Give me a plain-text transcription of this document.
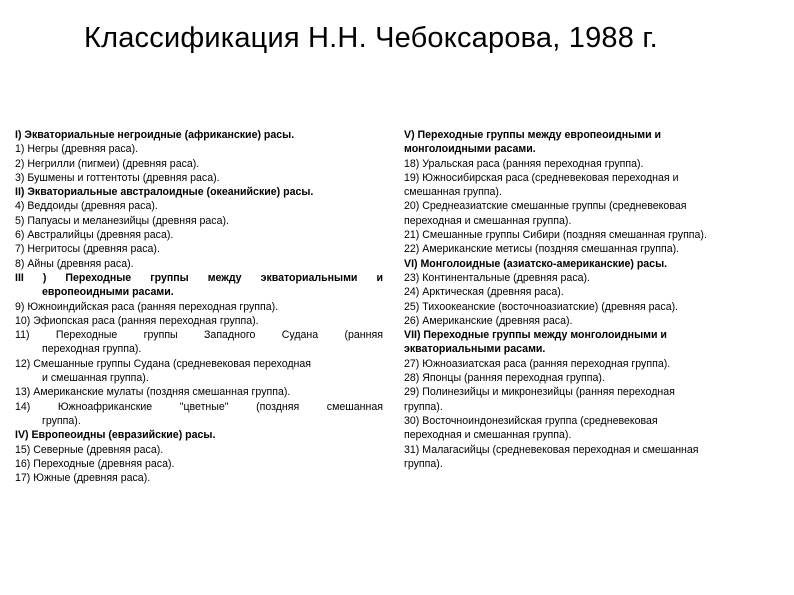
Классификация Н.Н. Чебоксарова, 1988 г.

I) Экваториальные негроидные (африканские) расы.

1) Негры (древняя раса).

2) Негрилли (пигмеи) (древняя раса).

3) Бушмены и готтентоты (древняя раса).

II) Экваториальные австралоидные (океанийские) расы.

4) Веддоиды (древняя раса).

5) Папуасы и меланезийцы (древняя раса).

6) Австралийцы (древняя раса).

7) Негритосы (древняя раса).

8) Айны (древняя раса).

III ) Переходные группы между экваториальными и

европеоидными расами.

9) Южноиндийская раса (ранняя переходная группа).

10) Эфиопская раса (ранняя переходная группа).

11) Переходные группы Западного Судана (ранняя

переходная группа).

12) Смешанные группы Судана (средневековая переходная

и смешанная группа).

13) Американские мулаты (поздняя смешанная группа).

14) Южноафриканские "цветные" (поздняя смешанная

группа).

IV) Европеоидны (евразийские) расы.

15) Северные (древняя раса).

16) Переходные (древняя раса).

17) Южные (древняя раса).

V) Переходные группы между европеоидными и

монголоидными расами.

18) Уральская раса (ранняя переходная группа).

19) Южносибирская раса (средневековая переходная и

смешанная группа).

20) Среднеазиатские смешанные группы (средневековая

переходная и смешанная группа).

21) Смешанные группы Сибири (поздняя смешанная группа).

22) Американские метисы (поздняя смешанная группа).

VI) Монголоидные (азиатско-американские) расы.

23) Континентальные (древняя раса).

24) Арктическая (древняя раса).

25) Тихоокеанские (восточноазиатские) (древняя раса).

26) Американские (древняя раса).

VII) Переходные группы между монголоидными и

экваториальными расами.

27) Южноазиатская раса (ранняя переходная группа).

28) Японцы (ранняя переходная группа).

29) Полинезийцы и микронезийцы (ранняя переходная

группа).

30) Восточноиндонезийская группа (средневековая

переходная и смешанная группа).

31) Малагасийцы (средневековая переходная и смешанная

группа).
